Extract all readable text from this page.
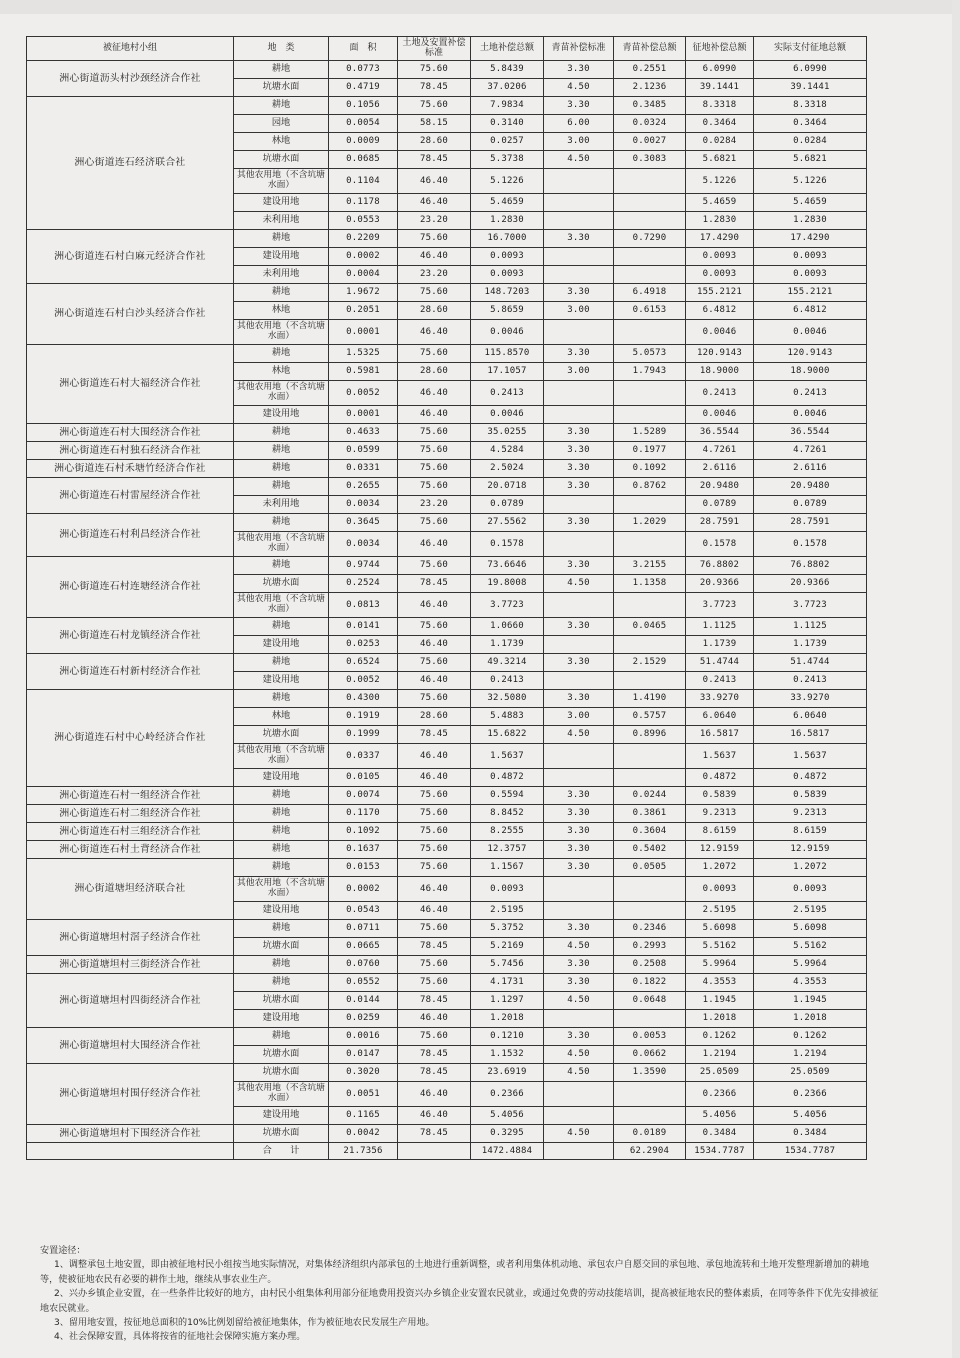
被征地村小组	地　类	面　积	土地及安置补偿标准	土地补偿总额	青苗补偿标准	青苗补偿总额	征地补偿总额	实际支付征地总额
洲心街道沥头村沙颈经济合作社	耕地	0.0773	75.60	5.8439	3.30	0.2551	6.0990	6.0990
	坑塘水面	0.4719	78.45	37.0206	4.50	2.1236	39.1441	39.1441
洲心街道连石经济联合社	耕地	0.1056	75.60	7.9834	3.30	0.3485	8.3318	8.3318
	园地	0.0054	58.15	0.3140	6.00	0.0324	0.3464	0.3464
	林地	0.0009	28.60	0.0257	3.00	0.0027	0.0284	0.0284
	坑塘水面	0.0685	78.45	5.3738	4.50	0.3083	5.6821	5.6821
	其他农用地（不含坑塘水面）	0.1104	46.40	5.1226			5.1226	5.1226
	建设用地	0.1178	46.40	5.4659			5.4659	5.4659
	未利用地	0.0553	23.20	1.2830			1.2830	1.2830
洲心街道连石村白麻元经济合作社	耕地	0.2209	75.60	16.7000	3.30	0.7290	17.4290	17.4290
	建设用地	0.0002	46.40	0.0093			0.0093	0.0093
	未利用地	0.0004	23.20	0.0093			0.0093	0.0093
洲心街道连石村白沙头经济合作社	耕地	1.9672	75.60	148.7203	3.30	6.4918	155.2121	155.2121
	林地	0.2051	28.60	5.8659	3.00	0.6153	6.4812	6.4812
	其他农用地（不含坑塘水面）	0.0001	46.40	0.0046			0.0046	0.0046
洲心街道连石村大福经济合作社	耕地	1.5325	75.60	115.8570	3.30	5.0573	120.9143	120.9143
	林地	0.5981	28.60	17.1057	3.00	1.7943	18.9000	18.9000
	其他农用地（不含坑塘水面）	0.0052	46.40	0.2413			0.2413	0.2413
	建设用地	0.0001	46.40	0.0046			0.0046	0.0046
洲心街道连石村大围经济合作社	耕地	0.4633	75.60	35.0255	3.30	1.5289	36.5544	36.5544
洲心街道连石村独石经济合作社	耕地	0.0599	75.60	4.5284	3.30	0.1977	4.7261	4.7261
洲心街道连石村禾塘竹经济合作社	耕地	0.0331	75.60	2.5024	3.30	0.1092	2.6116	2.6116
洲心街道连石村雷屋经济合作社	耕地	0.2655	75.60	20.0718	3.30	0.8762	20.9480	20.9480
	未利用地	0.0034	23.20	0.0789			0.0789	0.0789
洲心街道连石村利昌经济合作社	耕地	0.3645	75.60	27.5562	3.30	1.2029	28.7591	28.7591
	其他农用地（不含坑塘水面）	0.0034	46.40	0.1578			0.1578	0.1578
洲心街道连石村连塘经济合作社	耕地	0.9744	75.60	73.6646	3.30	3.2155	76.8802	76.8802
	坑塘水面	0.2524	78.45	19.8008	4.50	1.1358	20.9366	20.9366
	其他农用地（不含坑塘水面）	0.0813	46.40	3.7723			3.7723	3.7723
洲心街道连石村龙镇经济合作社	耕地	0.0141	75.60	1.0660	3.30	0.0465	1.1125	1.1125
	建设用地	0.0253	46.40	1.1739			1.1739	1.1739
洲心街道连石村新村经济合作社	耕地	0.6524	75.60	49.3214	3.30	2.1529	51.4744	51.4744
	建设用地	0.0052	46.40	0.2413			0.2413	0.2413
洲心街道连石村中心岭经济合作社	耕地	0.4300	75.60	32.5080	3.30	1.4190	33.9270	33.9270
	林地	0.1919	28.60	5.4883	3.00	0.5757	6.0640	6.0640
	坑塘水面	0.1999	78.45	15.6822	4.50	0.8996	16.5817	16.5817
	其他农用地（不含坑塘水面）	0.0337	46.40	1.5637			1.5637	1.5637
	建设用地	0.0105	46.40	0.4872			0.4872	0.4872
洲心街道连石村一组经济合作社	耕地	0.0074	75.60	0.5594	3.30	0.0244	0.5839	0.5839
洲心街道连石村二组经济合作社	耕地	0.1170	75.60	8.8452	3.30	0.3861	9.2313	9.2313
洲心街道连石村三组经济合作社	耕地	0.1092	75.60	8.2555	3.30	0.3604	8.6159	8.6159
洲心街道连石村土背经济合作社	耕地	0.1637	75.60	12.3757	3.30	0.5402	12.9159	12.9159
洲心街道塘坦经济联合社	耕地	0.0153	75.60	1.1567	3.30	0.0505	1.2072	1.2072
	其他农用地（不含坑塘水面）	0.0002	46.40	0.0093			0.0093	0.0093
	建设用地	0.0543	46.40	2.5195			2.5195	2.5195
洲心街道塘坦村滘子经济合作社	耕地	0.0711	75.60	5.3752	3.30	0.2346	5.6098	5.6098
	坑塘水面	0.0665	78.45	5.2169	4.50	0.2993	5.5162	5.5162
洲心街道塘坦村三街经济合作社	耕地	0.0760	75.60	5.7456	3.30	0.2508	5.9964	5.9964
洲心街道塘坦村四街经济合作社	耕地	0.0552	75.60	4.1731	3.30	0.1822	4.3553	4.3553
	坑塘水面	0.0144	78.45	1.1297	4.50	0.0648	1.1945	1.1945
	建设用地	0.0259	46.40	1.2018			1.2018	1.2018
洲心街道塘坦村大围经济合作社	耕地	0.0016	75.60	0.1210	3.30	0.0053	0.1262	0.1262
	坑塘水面	0.0147	78.45	1.1532	4.50	0.0662	1.2194	1.2194
洲心街道塘坦村围仔经济合作社	坑塘水面	0.3020	78.45	23.6919	4.50	1.3590	25.0509	25.0509
	其他农用地（不含坑塘水面）	0.0051	46.40	0.2366			0.2366	0.2366
	建设用地	0.1165	46.40	5.4056			5.4056	5.4056
洲心街道塘坦村下围经济合作社	坑塘水面	0.0042	78.45	0.3295	4.50	0.0189	0.3484	0.3484
	合　　计	21.7356		1472.4884		62.2904	1534.7787	1534.7787

安置途径：

1、调整承包土地安置，即由被征地村民小组按当地实际情况，对集体经济组织内部承包的土地进行重新调整，或者利用集体机动地、承包农户自愿交回的承包地、承包地流转和土地开发整理新增加的耕地等，使被征地农民有必要的耕作土地，继续从事农业生产。

2、兴办乡镇企业安置，在一些条件比较好的地方，由村民小组集体利用部分征地费用投资兴办乡镇企业安置农民就业，或通过免费的劳动技能培训，提高被征地农民的整体素质，在同等条件下优先安排被征地农民就业。

3、留用地安置，按征地总面积的10%比例划留给被征地集体，作为被征地农民发展生产用地。

4、社会保障安置，具体将按省的征地社会保障实施方案办理。
